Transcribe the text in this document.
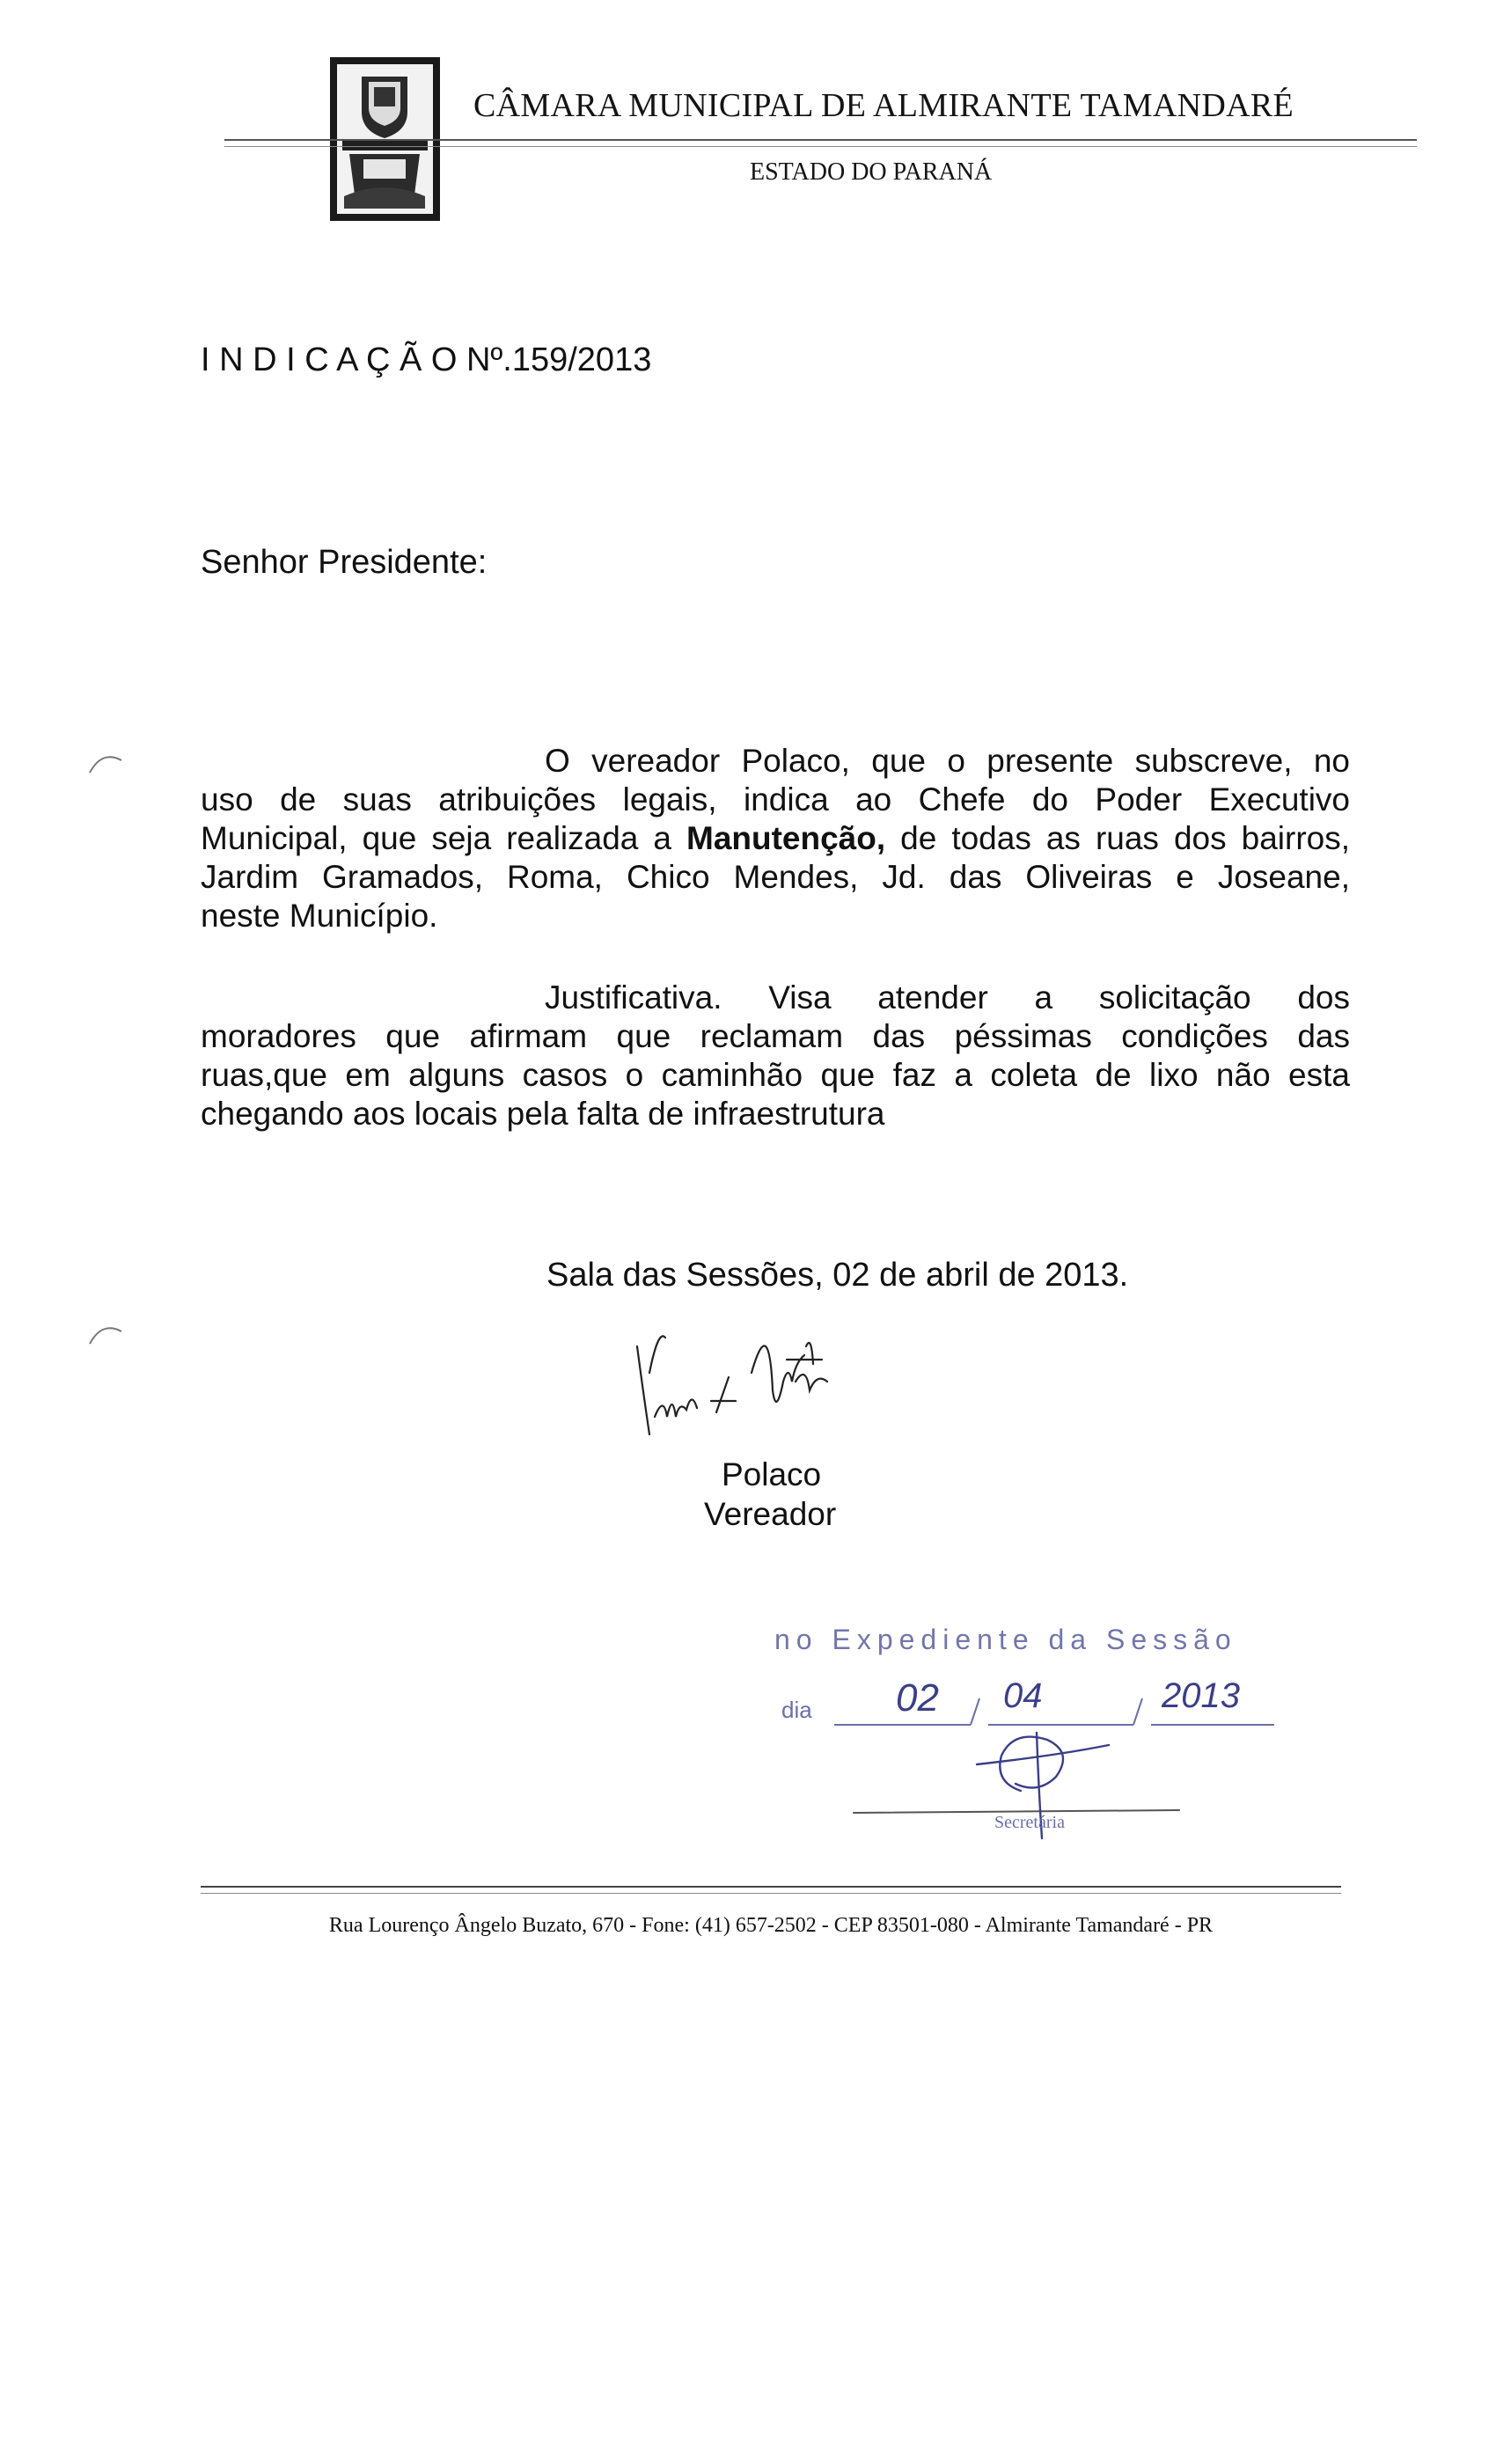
CÂMARA MUNICIPAL DE ALMIRANTE TAMANDARÉ
ESTADO DO PARANÁ
I N D I C A Ç Ã O Nº.159/2013
Senhor Presidente:
O vereador Polaco, que o presente subscreve, no
uso de suas atribuições legais, indica ao Chefe do Poder Executivo
Municipal, que seja realizada a Manutenção, de todas as ruas dos bairros,
Jardim Gramados, Roma, Chico Mendes, Jd. das Oliveiras e Joseane,
neste Município.
Justificativa. Visa atender a solicitação dos
moradores que afirmam que reclamam das péssimas condições das
ruas,que em alguns casos o caminhão que faz a coleta de lixo não esta
chegando aos locais pela falta de infraestrutura
Sala das Sessões, 02 de abril de 2013.
Polaco
Vereador
no Expediente da Sessão
dia 02 04	2013
Secretária
Rua Lourenço Ângelo Buzato, 670 - Fone: (41) 657-2502 - CEP 83501-080 - Almirante Tamandaré - PR
